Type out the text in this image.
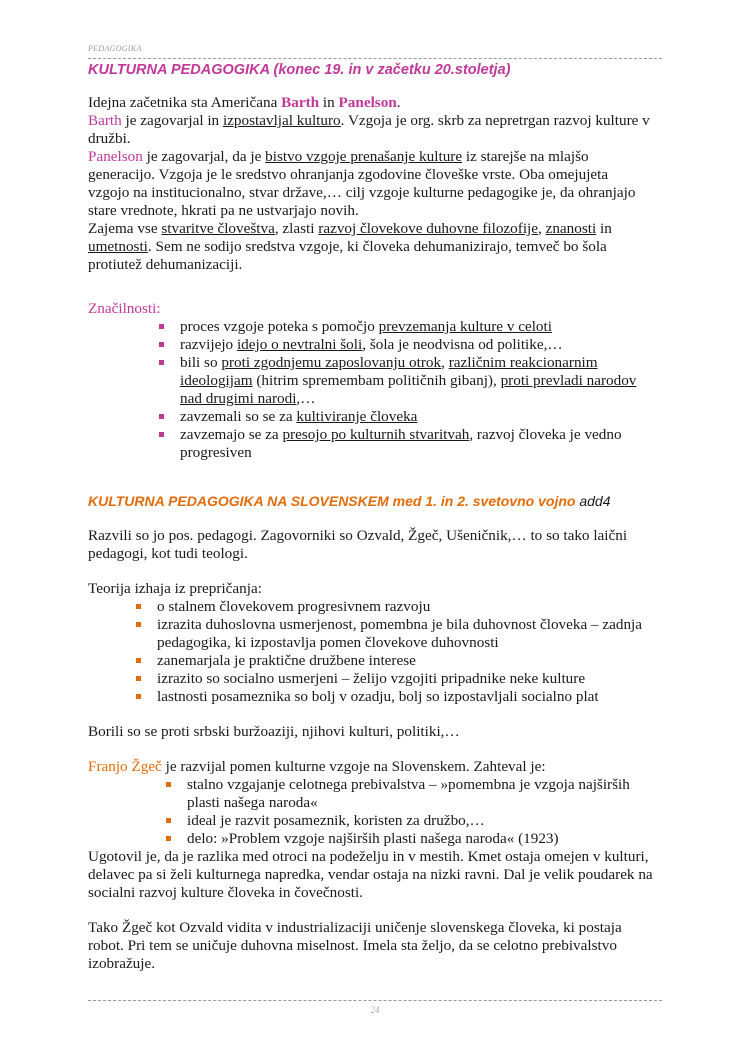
PEDAGOGIKA
KULTURNA PEDAGOGIKA (konec 19. in v začetku 20.stoletja)

Idejna začetnika sta Američana Barth in Panelson.

Barth je zagovarjal in izpostavljal kulturo. Vzgoja je org. skrb za nepretrgan razvoj kulture v družbi.

Panelson je zagovarjal, da je bistvo vzgoje prenašanje kulture iz starejše na mlajšo generacijo. Vzgoja je le sredstvo ohranjanja zgodovine človeške vrste. Oba omejujeta vzgojo na institucionalno, stvar države,… cilj vzgoje kulturne pedagogike je, da ohranjajo stare vrednote, hkrati pa ne ustvarjajo novih.

Zajema vse stvaritve človeštva, zlasti razvoj človekove duhovne filozofije, znanosti in umetnosti. Sem ne sodijo sredstva vzgoje, ki človeka dehumanizirajo, temveč bo šola protiutež dehumanizaciji.

Značilnosti:
proces vzgoje poteka s pomočjo prevzemanja kulture v celoti
razvijejo idejo o nevtralni šoli, šola je neodvisna od politike,…
bili so proti zgodnjemu zaposlovanju otrok, različnim reakcionarnim ideologijam (hitrim spremembam političnih gibanj), proti prevladi narodov nad drugimi narodi,…
zavzemali so se za kultiviranje človeka
zavzemajo se za presojo po kulturnih stvaritvah, razvoj človeka je vedno progresiven
KULTURNA PEDAGOGIKA NA SLOVENSKEM med 1. in 2. svetovno vojno add4

Razvili so jo pos. pedagogi. Zagovorniki so Ozvald, Žgeč, Ušeničnik,… to so tako laični pedagogi, kot tudi teologi.

Teorija izhaja iz prepričanja:

o stalnem človekovem progresivnem razvoju
izrazita duhoslovna usmerjenost, pomembna je bila duhovnost človeka – zadnja pedagogika, ki izpostavlja pomen človekove duhovnosti
zanemarjala je praktične družbene interese
izrazito so socialno usmerjeni – želijo vzgojiti pripadnike neke kulture
lastnosti posameznika so bolj v ozadju, bolj so izpostavljali socialno plat

Borili so se proti srbski buržoaziji, njihovi kulturi, politiki,…

Franjo Žgeč je razvijal pomen kulturne vzgoje na Slovenskem. Zahteval je:

stalno vzgajanje celotnega prebivalstva – »pomembna je vzgoja najširših plasti našega naroda«
ideal je razvit posameznik, koristen za družbo,…
delo: »Problem vzgoje najširših plasti našega naroda« (1923)

Ugotovil je, da je razlika med otroci na podeželju in v mestih. Kmet ostaja omejen v kulturi, delavec pa si želi kulturnega napredka, vendar ostaja na nizki ravni. Dal je velik poudarek na socialni razvoj kulture človeka in čovečnosti.

Tako Žgeč kot Ozvald vidita v industrializaciji uničenje slovenskega človeka, ki postaja robot. Pri tem se uničuje duhovna miselnost. Imela sta željo, da se celotno prebivalstvo izobražuje.

24
